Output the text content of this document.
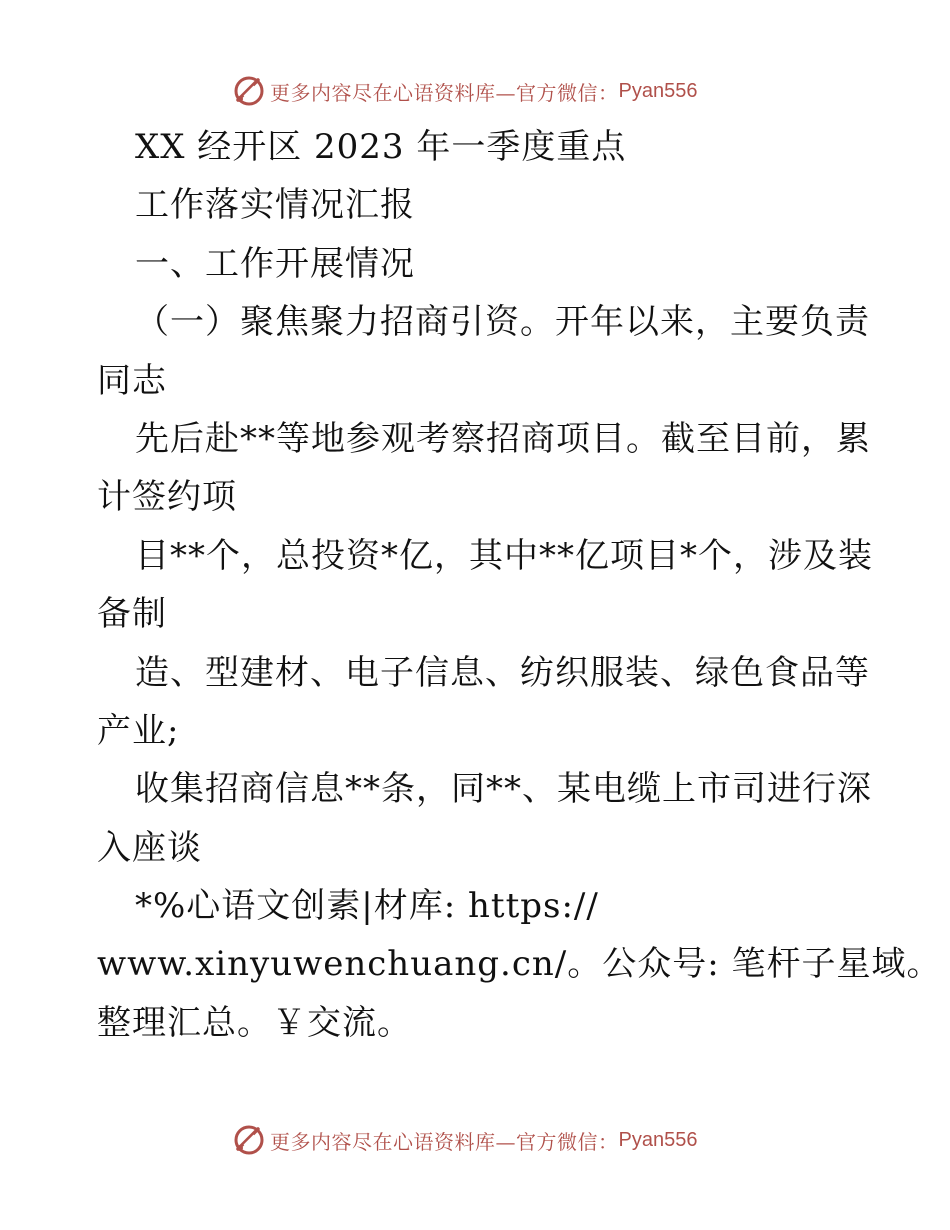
更多内容尽在心语资料库—官方微信： Pyan556
XX 经开区 2023 年一季度重点
工作落实情况汇报
一、工作开展情况
（一）聚焦聚力招商引资。开年以来，主要负责
同志
先后赴**等地参观考察招商项目。截至目前，累
计签约项
目**个，总投资*亿，其中**亿项目*个，涉及装
备制
造、型建材、电子信息、纺织服装、绿色食品等
产业;
收集招商信息**条，同**、某电缆上市司进行深
入座谈
*%心语文创素|材库: https://
www.xinyuwenchuang.cn/。公众号: 笔杆子星域。
整理汇总。￥交流。
更多内容尽在心语资料库—官方微信： Pyan556
